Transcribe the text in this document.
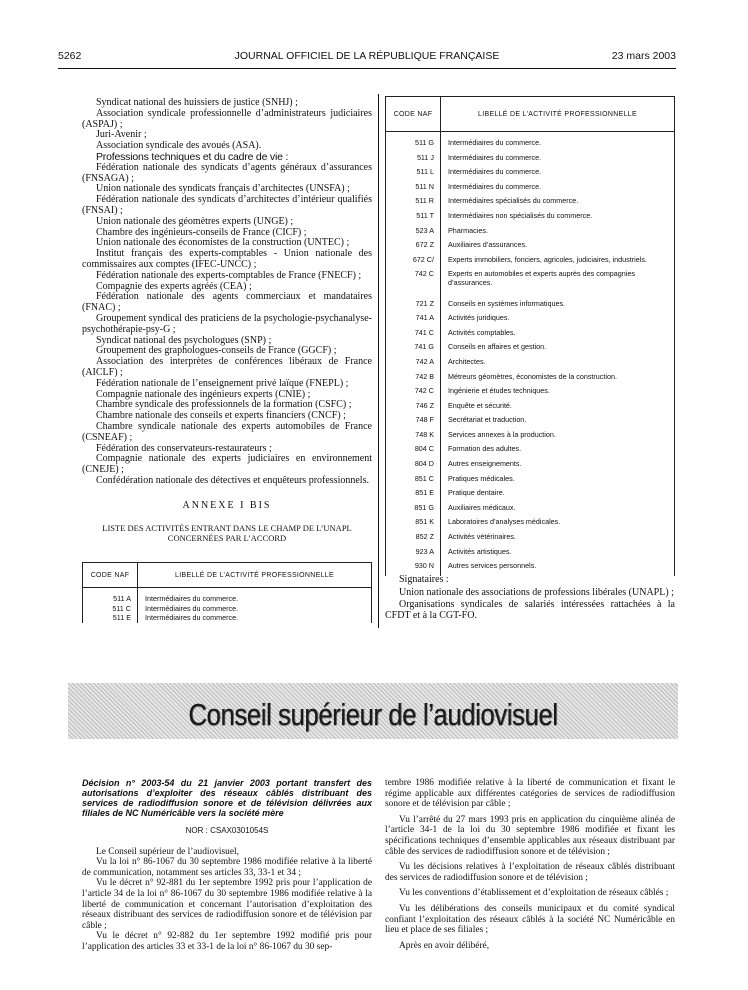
5262	JOURNAL OFFICIEL DE LA RÉPUBLIQUE FRANÇAISE	23 mars 2003

Syndicat national des huissiers de justice (SNHJ) ;

Association syndicale professionnelle d’administrateurs judiciaires (ASPAJ) ;

Juri-Avenir ;

Association syndicale des avoués (ASA).

Professions techniques et du cadre de vie :

Fédération nationale des syndicats d’agents généraux d’assurances (FNSAGA) ;

Union nationale des syndicats français d’architectes (UNSFA) ;

Fédération nationale des syndicats d’architectes d’intérieur qualifiés (FNSAI) ;

Union nationale des géomètres experts (UNGE) ;

Chambre des ingénieurs-conseils de France (CICF) ;

Union nationale des économistes de la construction (UNTEC) ;

Institut français des experts-comptables - Union nationale des commissaires aux comptes (IFEC-UNCC) ;

Fédération nationale des experts-comptables de France (FNECF) ;

Compagnie des experts agréés (CEA) ;

Fédération nationale des agents commerciaux et mandataires (FNAC) ;

Groupement syndical des praticiens de la psychologie-psychanalyse-psychothérapie-psy-G ;

Syndicat national des psychologues (SNP) ;

Groupement des graphologues-conseils de France (GGCF) ;

Association des interprètes de conférences libéraux de France (AICLF) ;

Fédération nationale de l’enseignement privé laïque (FNEPL) ;

Compagnie nationale des ingénieurs experts (CNIE) ;

Chambre syndicale des professionnels de la formation (CSFC) ;

Chambre nationale des conseils et experts financiers (CNCF) ;

Chambre syndicale nationale des experts automobiles de France (CSNEAF) ;

Fédération des conservateurs-restaurateurs ;

Compagnie nationale des experts judiciaires en environnement (CNEJE) ;

Confédération nationale des détectives et enquêteurs professionnels.

ANNEXE I BIS

LISTE DES ACTIVITÉS ENTRANT DANS LE CHAMP DE L’UNAPL CONCERNÉES PAR L’ACCORD

CODE NAF	LIBELLÉ DE L’ACTIVITÉ PROFESSIONNELLE

511 A	Intermédiaires du commerce.
511 C	Intermédiaires du commerce.
511 E	Intermédiaires du commerce.
CODE NAF	LIBELLÉ DE L’ACTIVITÉ PROFESSIONNELLE

511 G	Intermédiaires du commerce.
511 J	Intermédiaires du commerce.
511 L	Intermédiaires du commerce.
511 N	Intermédiaires du commerce.
511 R	Intermédiaires spécialisés du commerce.
511 T	Intermédiaires non spécialisés du commerce.
523 A	Pharmacies.
672 Z	Auxiliaires d’assurances.
672 C/	Experts immobiliers, fonciers, agricoles, judiciaires, industriels.
742 C	Experts en automobiles et experts auprès des compagnies d’assurances.
721 Z	Conseils en systèmes informatiques.
741 A	Activités juridiques.
741 C	Activités comptables.
741 G	Conseils en affaires et gestion.
742 A	Architectes.
742 B	Métreurs géomètres, économistes de la construction.
742 C	Ingénierie et études techniques.
746 Z	Enquête et sécurité.
748 F	Secrétariat et traduction.
748 K	Services annexes à la production.
804 C	Formation des adultes.
804 D	Autres enseignements.
851 C	Pratiques médicales.
851 E	Pratique dentaire.
851 G	Auxiliaires médicaux.
851 K	Laboratoires d’analyses médicales.
852 Z	Activités vétérinaires.
923 A	Activités artistiques.
930 N	Autres services personnels.

Signataires :

Union nationale des associations de professions libérales (UNAPL) ;

Organisations syndicales de salariés intéressées rattachées à la CFDT et à la CGT-FO.

Conseil supérieur de l’audiovisuel

Décision n° 2003-54 du 21 janvier 2003 portant transfert des autorisations d’exploiter des réseaux câblés distribuant des services de radiodiffusion sonore et de télévision délivrées aux filiales de NC Numéricâble vers la société mère

NOR : CSAX0301054S

Le Conseil supérieur de l’audiovisuel,

Vu la loi n° 86-1067 du 30 septembre 1986 modifiée relative à la liberté de communication, notamment ses articles 33, 33-1 et 34 ;

Vu le décret n° 92-881 du 1er septembre 1992 pris pour l’application de l’article 34 de la loi n° 86-1067 du 30 septembre 1986 modifiée relative à la liberté de communication et concernant l’autorisation d’exploitation des réseaux distribuant des services de radiodiffusion sonore et de télévision par câble ;

Vu le décret n° 92-882 du 1er septembre 1992 modifié pris pour l’application des articles 33 et 33-1 de la loi n° 86-1067 du 30 sep-

tembre 1986 modifiée relative à la liberté de communication et fixant le régime applicable aux différentes catégories de services de radiodiffusion sonore et de télévision par câble ;

Vu l’arrêté du 27 mars 1993 pris en application du cinquième alinéa de l’article 34-1 de la loi du 30 septembre 1986 modifiée et fixant les spécifications techniques d’ensemble applicables aux réseaux distribuant par câble des services de radiodiffusion sonore et de télévision ;

Vu les décisions relatives à l’exploitation de réseaux câblés distribuant des services de radiodiffusion sonore et de télévision ;

Vu les conventions d’établissement et d’exploitation de réseaux câblés ;

Vu les délibérations des conseils municipaux et du comité syndical confiant l’exploitation des réseaux câblés à la société NC Numéricâble en lieu et place de ses filiales ;

Après en avoir délibéré,
